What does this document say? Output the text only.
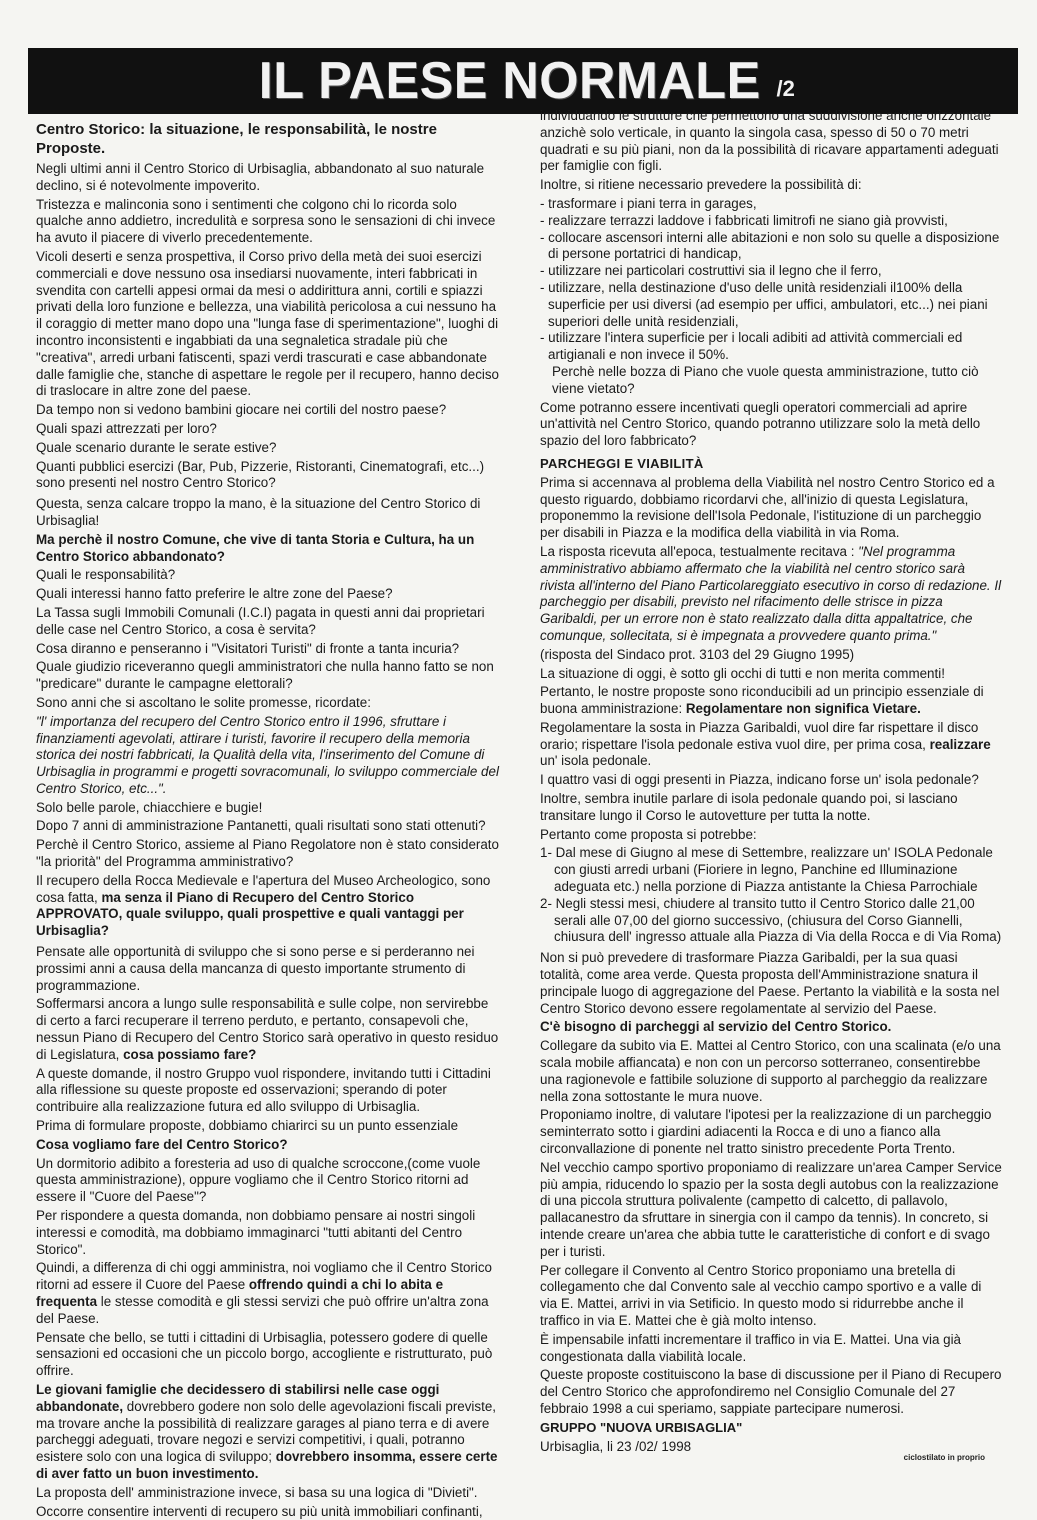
IL PAESE NORMALE /2

Centro Storico: la situazione, le responsabilità, le nostre Proposte.

Negli ultimi anni il Centro Storico di Urbisaglia, abbandonato al suo naturale declino, si é notevolmente impoverito.

Tristezza e malinconia sono i sentimenti che colgono chi lo ricorda solo qualche anno addietro, incredulità e sorpresa sono le sensazioni di chi invece ha avuto il piacere di viverlo precedentemente.

Vicoli deserti e senza prospettiva, il Corso privo della metà dei suoi esercizi commerciali e dove nessuno osa insediarsi nuovamente, interi fabbricati in svendita con cartelli appesi ormai da mesi o addirittura anni, cortili e spiazzi privati della loro funzione e bellezza, una viabilità pericolosa a cui nessuno ha il coraggio di metter mano dopo una "lunga fase di sperimentazione", luoghi di incontro inconsistenti e ingabbiati da una segnaletica stradale più che "creativa", arredi urbani fatiscenti, spazi verdi trascurati e case abbandonate dalle famiglie che, stanche di aspettare le regole per il recupero, hanno deciso di traslocare in altre zone del paese.

Da tempo non si vedono bambini giocare nei cortili del nostro paese?

Quali spazi attrezzati per loro?

Quale scenario durante le serate estive?

Quanti pubblici esercizi (Bar, Pub, Pizzerie, Ristoranti, Cinematografi, etc...) sono presenti nel nostro Centro Storico?

Questa, senza calcare troppo la mano, è la situazione del Centro Storico di Urbisaglia!

Ma perchè il nostro Comune, che vive di tanta Storia e Cultura, ha un Centro Storico abbandonato?

Quali le responsabilità?

Quali interessi hanno fatto preferire le altre zone del Paese?

La Tassa sugli Immobili Comunali (I.C.I) pagata in questi anni dai proprietari delle case nel Centro Storico, a cosa è servita?

Cosa diranno e penseranno i "Visitatori Turisti" di fronte a tanta incuria?

Quale giudizio riceveranno quegli amministratori che nulla hanno fatto se non "predicare" durante le campagne elettorali?

Sono anni che si ascoltano le solite promesse, ricordate:

"l' importanza del recupero del Centro Storico entro il 1996, sfruttare i finanziamenti agevolati, attirare i turisti, favorire il recupero della memoria storica dei nostri fabbricati, la Qualità della vita, l'inserimento del Comune di Urbisaglia in programmi e progetti sovracomunali, lo sviluppo commerciale del Centro Storico, etc...".

Solo belle parole, chiacchiere e bugie!

Dopo 7 anni di amministrazione Pantanetti, quali risultati sono stati ottenuti?

Perchè il Centro Storico, assieme al Piano Regolatore non è stato considerato "la priorità" del Programma amministrativo?

Il recupero della Rocca Medievale e l'apertura del Museo Archeologico, sono cosa fatta, ma senza il Piano di Recupero del Centro Storico APPROVATO, quale sviluppo, quali prospettive e quali vantaggi per Urbisaglia?

Pensate alle opportunità di sviluppo che si sono perse e si perderanno nei prossimi anni a causa della mancanza di questo importante strumento di programmazione.

Soffermarsi ancora a lungo sulle responsabilità e sulle colpe, non servirebbe di certo a farci recuperare il terreno perduto, e pertanto, consapevoli che, nessun Piano di Recupero del Centro Storico sarà operativo in questo residuo di Legislatura, cosa possiamo fare?

A queste domande, il nostro Gruppo vuol rispondere, invitando tutti i Cittadini alla riflessione su queste proposte ed osservazioni; sperando di poter contribuire alla realizzazione futura ed allo sviluppo di Urbisaglia.

Prima di formulare proposte, dobbiamo chiarirci su un punto essenziale

Cosa vogliamo fare del Centro Storico?

Un dormitorio adibito a foresteria ad uso di qualche scroccone,(come vuole questa amministrazione), oppure vogliamo che il Centro Storico ritorni ad essere il "Cuore del Paese"?

Per rispondere a questa domanda, non dobbiamo pensare ai nostri singoli interessi e comodità, ma dobbiamo immaginarci "tutti abitanti del Centro Storico".

Quindi, a differenza di chi oggi amministra, noi vogliamo che il Centro Storico ritorni ad essere il Cuore del Paese offrendo quindi a chi lo abita e frequenta le stesse comodità e gli stessi servizi che può offrire un'altra zona del Paese.

Pensate che bello, se tutti i cittadini di Urbisaglia, potessero godere di quelle sensazioni ed occasioni che un piccolo borgo, accogliente e ristrutturato, può offrire.

Le giovani famiglie che decidessero di stabilirsi nelle case oggi abbandonate, dovrebbero godere non solo delle agevolazioni fiscali previste, ma trovare anche la possibilità di realizzare garages al piano terra e di avere parcheggi adeguati, trovare negozi e servizi competitivi, i quali, potranno esistere solo con una logica di sviluppo; dovrebbero insomma, essere certe di aver fatto un buon investimento.

La proposta dell' amministrazione invece, si basa su una logica di "Divieti".

Occorre consentire interventi di recupero su più unità immobiliari confinanti,

individuando le strutture che permettono una suddivisione anche orizzontale anzichè solo verticale, in quanto la singola casa, spesso di 50 o 70 metri quadrati e su più piani, non da la possibilità di ricavare appartamenti adeguati per famiglie con figli.

Inoltre, si ritiene necessario prevedere la possibilità di:

- trasformare i piani terra in garages,
- realizzare terrazzi laddove i fabbricati limitrofi ne siano già provvisti,
- collocare ascensori interni alle abitazioni e non solo su quelle a disposizione di persone portatrici di handicap,
- utilizzare nei particolari costruttivi sia il legno che il ferro,
- utilizzare, nella destinazione d'uso delle unità residenziali il100% della superficie per usi diversi (ad esempio per uffici, ambulatori, etc...) nei piani superiori delle unità residenziali,
- utilizzare l'intera superficie per i locali adibiti ad attività commerciali ed artigianali e non invece il 50%.

Perchè nelle bozza di Piano che vuole questa amministrazione, tutto ciò viene vietato?

Come potranno essere incentivati quegli operatori commerciali ad aprire un'attività nel Centro Storico, quando potranno utilizzare solo la metà dello spazio del loro fabbricato?

PARCHEGGI E VIABILITÀ

Prima si accennava al problema della Viabilità nel nostro Centro Storico ed a questo riguardo, dobbiamo ricordarvi che, all'inizio di questa Legislatura, proponemmo la revisione dell'Isola Pedonale, l'istituzione di un parcheggio per disabili in Piazza e la modifica della viabilità in via Roma.

La risposta ricevuta all'epoca, testualmente recitava : "Nel programma amministrativo abbiamo affermato che la viabilità nel centro storico sarà rivista all'interno del Piano Particolareggiato esecutivo in corso di redazione. Il parcheggio per disabili, previsto nel rifacimento delle strisce in pizza Garibaldi, per un errore non è stato realizzato dalla ditta appaltatrice, che comunque, sollecitata, si è impegnata a provvedere quanto prima."

(risposta del Sindaco prot. 3103 del 29 Giugno 1995)

La situazione di oggi, è sotto gli occhi di tutti e non merita commenti!

Pertanto, le nostre proposte sono riconducibili ad un principio essenziale di buona amministrazione: Regolamentare non significa Vietare.

Regolamentare la sosta in Piazza Garibaldi, vuol dire far rispettare il disco orario; rispettare l'isola pedonale estiva vuol dire, per prima cosa, realizzare un' isola pedonale.

I quattro vasi di oggi presenti in Piazza, indicano forse un' isola pedonale?

Inoltre, sembra inutile parlare di isola pedonale quando poi, si lasciano transitare lungo il Corso le autovetture per tutta la notte.

Pertanto come proposta si potrebbe:

1- Dal mese di Giugno al mese di Settembre, realizzare un' ISOLA Pedonale con giusti arredi urbani (Fioriere in legno, Panchine ed Illuminazione adeguata etc.) nella porzione di Piazza antistante la Chiesa Parrochiale
2- Negli stessi mesi, chiudere al transito tutto il Centro Storico dalle 21,00 serali alle 07,00 del giorno successivo, (chiusura del Corso Giannelli, chiusura dell' ingresso attuale alla Piazza di Via della Rocca e di Via Roma)

Non si può prevedere di trasformare Piazza Garibaldi, per la sua quasi totalità, come area verde. Questa proposta dell'Amministrazione snatura il principale luogo di aggregazione del Paese. Pertanto la viabilità e la sosta nel Centro Storico devono essere regolamentate al servizio del Paese.

C'è bisogno di parcheggi al servizio del Centro Storico.

Collegare da subito via E. Mattei al Centro Storico, con una scalinata (e/o una scala mobile affiancata) e non con un percorso sotterraneo, consentirebbe una ragionevole e fattibile soluzione di supporto al parcheggio da realizzare nella zona sottostante le mura nuove.

Proponiamo inoltre, di valutare l'ipotesi per la realizzazione di un parcheggio seminterrato sotto i giardini adiacenti la Rocca e di uno a fianco alla circonvallazione di ponente nel tratto sinistro precedente Porta Trento.

Nel vecchio campo sportivo proponiamo di realizzare un'area Camper Service più ampia, riducendo lo spazio per la sosta degli autobus con la realizzazione di una piccola struttura polivalente (campetto di calcetto, di pallavolo, pallacanestro da sfruttare in sinergia con il campo da tennis). In concreto, si intende creare un'area che abbia tutte le caratteristiche di confort e di svago per i turisti.

Per collegare il Convento al Centro Storico proponiamo una bretella di collegamento che dal Convento sale al vecchio campo sportivo e a valle di via E. Mattei, arrivi in via Setificio. In questo modo si ridurrebbe anche il traffico in via E. Mattei che è già molto intenso.

È impensabile infatti incrementare il traffico in via E. Mattei. Una via già congestionata dalla viabilità locale.

Queste proposte costituiscono la base di discussione per il Piano di Recupero del Centro Storico che approfondiremo nel Consiglio Comunale del 27 febbraio 1998 a cui speriamo, sappiate partecipare numerosi.

GRUPPO "NUOVA URBISAGLIA"

Urbisaglia, li 23 /02/ 1998

ciclostilato in proprio
